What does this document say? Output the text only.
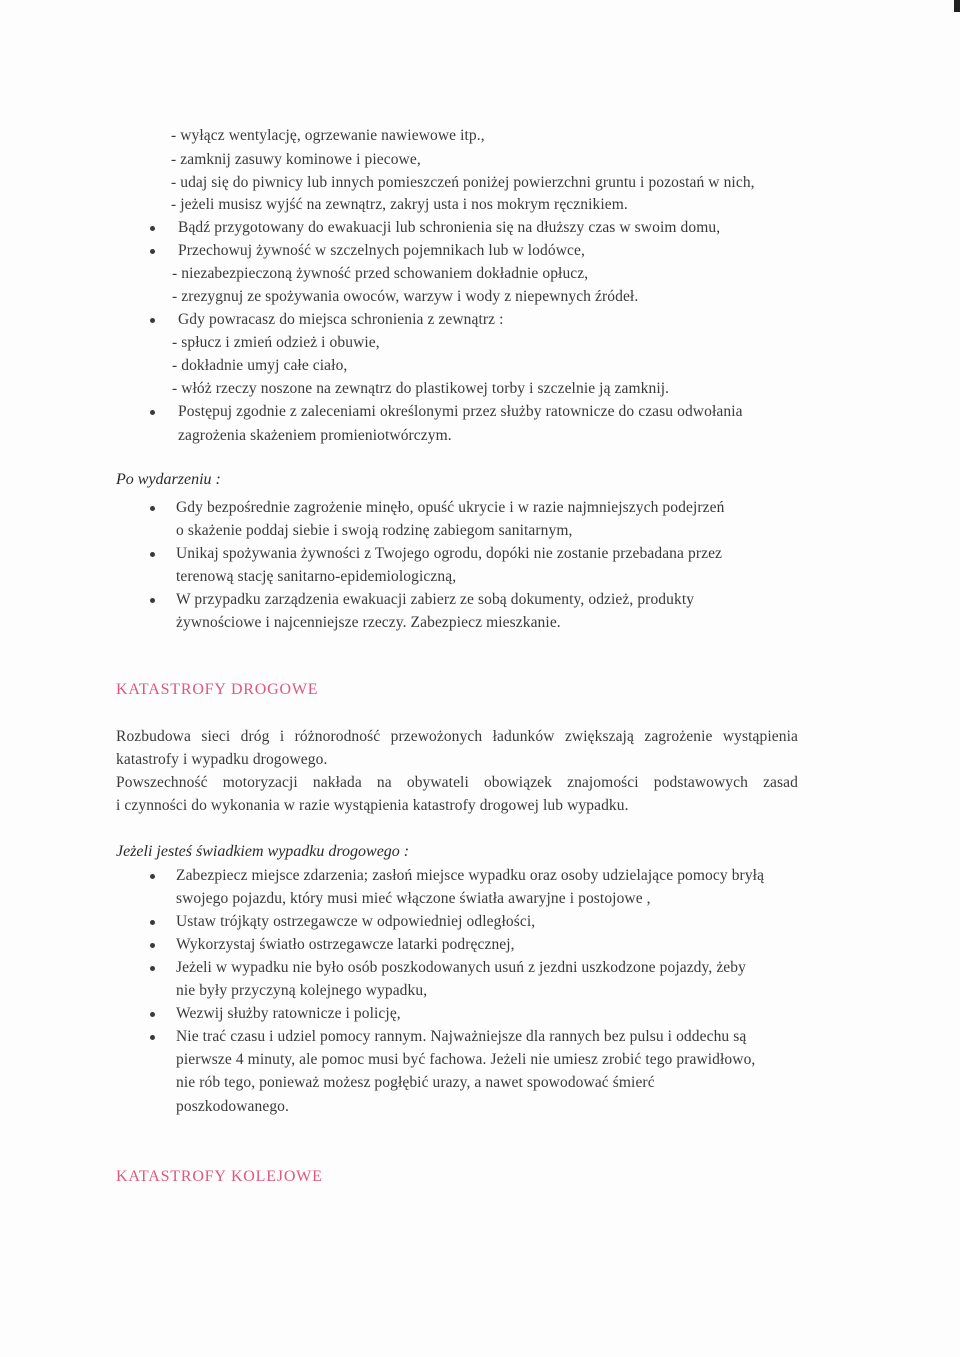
- wyłącz wentylację, ogrzewanie nawiewowe itp.,
- zamknij zasuwy kominowe i piecowe,
- udaj się do piwnicy lub innych pomieszczeń poniżej powierzchni gruntu i pozostań w nich,
- jeżeli musisz wyjść na zewnątrz, zakryj usta i nos mokrym ręcznikiem.
Bądź przygotowany do ewakuacji lub schronienia się na dłuższy czas w swoim domu,
Przechowuj żywność w szczelnych pojemnikach lub w lodówce,
- niezabezpieczoną żywność przed schowaniem dokładnie opłucz,
- zrezygnuj ze spożywania owoców, warzyw i wody z niepewnych źródeł.
Gdy powracasz do miejsca schronienia z zewnątrz :
- spłucz i zmień odzież i obuwie,
- dokładnie umyj całe ciało,
- włóż rzeczy noszone na zewnątrz do plastikowej torby i szczelnie ją zamknij.
Postępuj zgodnie z zaleceniami określonymi przez służby ratownicze do czasu odwołania
zagrożenia skażeniem promieniotwórczym.
Po wydarzeniu :
Gdy bezpośrednie zagrożenie minęło, opuść ukrycie i w razie najmniejszych podejrzeń
o skażenie poddaj siebie i swoją rodzinę zabiegom sanitarnym,
Unikaj spożywania żywności z Twojego ogrodu, dopóki nie zostanie przebadana przez
terenową stację sanitarno-epidemiologiczną,
W przypadku zarządzenia ewakuacji zabierz ze sobą dokumenty, odzież, produkty
żywnościowe i najcenniejsze rzeczy. Zabezpiecz mieszkanie.
KATASTROFY DROGOWE
Rozbudowa sieci dróg i różnorodność przewożonych ładunków zwiększają zagrożenie wystąpienia
katastrofy i wypadku drogowego.
Powszechność motoryzacji nakłada na obywateli obowiązek znajomości podstawowych zasad
i czynności do wykonania w razie wystąpienia katastrofy drogowej lub wypadku.
Jeżeli jesteś świadkiem wypadku drogowego :
Zabezpiecz miejsce zdarzenia; zasłoń miejsce wypadku oraz osoby udzielające pomocy bryłą
swojego pojazdu, który musi mieć włączone światła awaryjne i postojowe ,
Ustaw trójkąty ostrzegawcze w odpowiedniej odległości,
Wykorzystaj światło ostrzegawcze latarki podręcznej,
Jeżeli w wypadku nie było osób poszkodowanych usuń z jezdni uszkodzone pojazdy, żeby
nie były przyczyną kolejnego wypadku,
Wezwij służby ratownicze i policję,
Nie trać czasu i udziel pomocy rannym. Najważniejsze dla rannych bez pulsu i oddechu są
pierwsze 4 minuty, ale pomoc musi być fachowa. Jeżeli nie umiesz zrobić tego prawidłowo,
nie rób tego, ponieważ możesz pogłębić urazy, a nawet spowodować śmierć
poszkodowanego.
KATASTROFY KOLEJOWE
